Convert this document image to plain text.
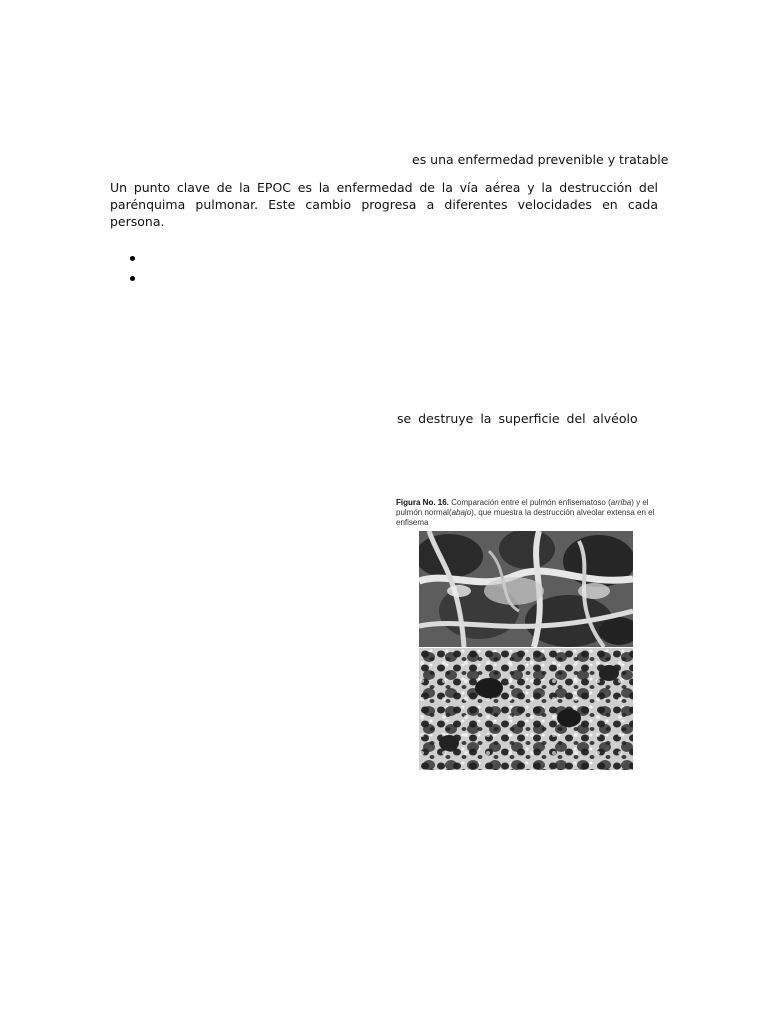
es una enfermedad prevenible y tratable

Un punto clave de la EPOC es la enfermedad de la vía aérea y la destrucción del parénquima pulmonar. Este cambio progresa a diferentes velocidades en cada persona.

se destruye la superficie del alvéolo

Figura No. 16. Comparación entre el pulmón enfisematoso (arriba) y el pulmón normal(abajo), que muestra la destrucción alveolar extensa en el enfisema
